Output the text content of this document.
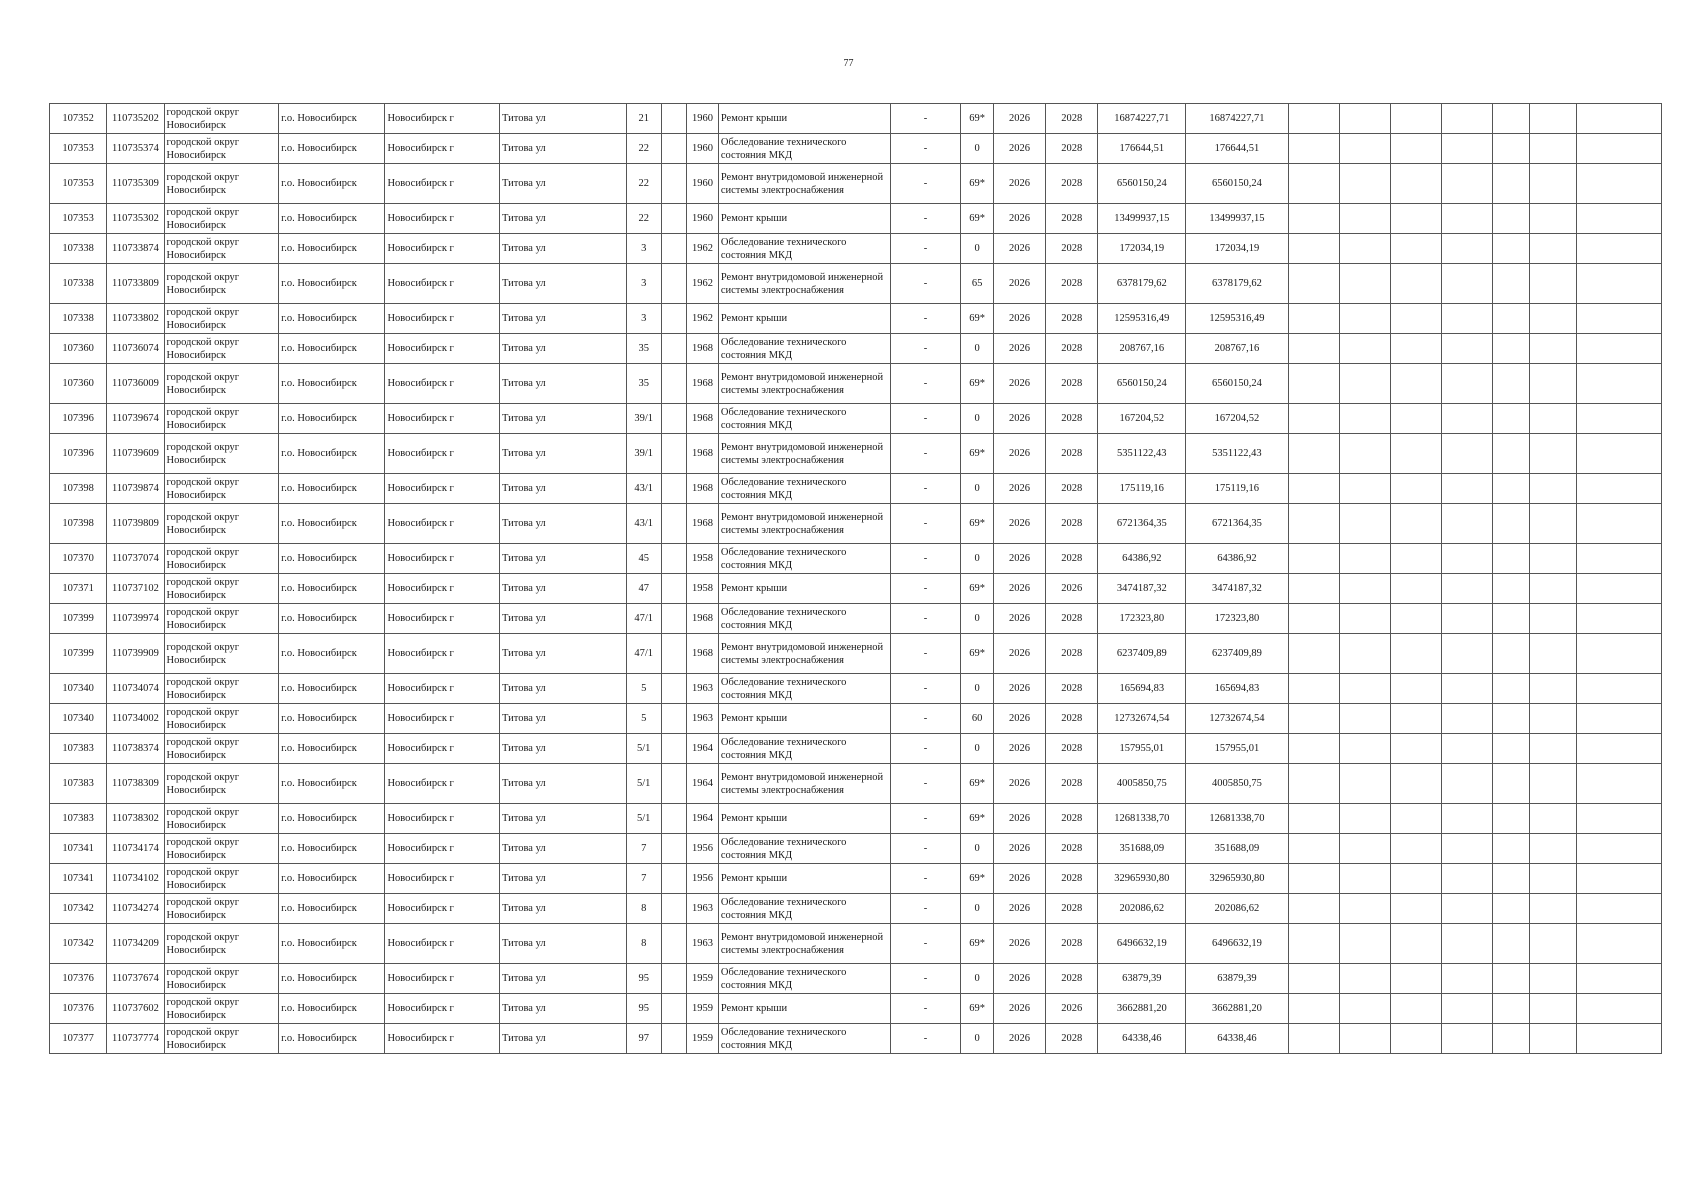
77
107352	110735202	городской округ Новосибирск	г.о. Новосибирск	Новосибирск г	Титова ул	21		1960	Ремонт крыши	-	69*	2026	2028	16874227,71	16874227,71							
107353	110735374	городской округ Новосибирск	г.о. Новосибирск	Новосибирск г	Титова ул	22		1960	Обследование технического состояния МКД	-	0	2026	2028	176644,51	176644,51							
107353	110735309	городской округ Новосибирск	г.о. Новосибирск	Новосибирск г	Титова ул	22		1960	Ремонт внутридомовой инженерной системы электроснабжения	-	69*	2026	2028	6560150,24	6560150,24							
107353	110735302	городской округ Новосибирск	г.о. Новосибирск	Новосибирск г	Титова ул	22		1960	Ремонт крыши	-	69*	2026	2028	13499937,15	13499937,15							
107338	110733874	городской округ Новосибирск	г.о. Новосибирск	Новосибирск г	Титова ул	3		1962	Обследование технического состояния МКД	-	0	2026	2028	172034,19	172034,19							
107338	110733809	городской округ Новосибирск	г.о. Новосибирск	Новосибирск г	Титова ул	3		1962	Ремонт внутридомовой инженерной системы электроснабжения	-	65	2026	2028	6378179,62	6378179,62							
107338	110733802	городской округ Новосибирск	г.о. Новосибирск	Новосибирск г	Титова ул	3		1962	Ремонт крыши	-	69*	2026	2028	12595316,49	12595316,49							
107360	110736074	городской округ Новосибирск	г.о. Новосибирск	Новосибирск г	Титова ул	35		1968	Обследование технического состояния МКД	-	0	2026	2028	208767,16	208767,16							
107360	110736009	городской округ Новосибирск	г.о. Новосибирск	Новосибирск г	Титова ул	35		1968	Ремонт внутридомовой инженерной системы электроснабжения	-	69*	2026	2028	6560150,24	6560150,24							
107396	110739674	городской округ Новосибирск	г.о. Новосибирск	Новосибирск г	Титова ул	39/1		1968	Обследование технического состояния МКД	-	0	2026	2028	167204,52	167204,52							
107396	110739609	городской округ Новосибирск	г.о. Новосибирск	Новосибирск г	Титова ул	39/1		1968	Ремонт внутридомовой инженерной системы электроснабжения	-	69*	2026	2028	5351122,43	5351122,43							
107398	110739874	городской округ Новосибирск	г.о. Новосибирск	Новосибирск г	Титова ул	43/1		1968	Обследование технического состояния МКД	-	0	2026	2028	175119,16	175119,16							
107398	110739809	городской округ Новосибирск	г.о. Новосибирск	Новосибирск г	Титова ул	43/1		1968	Ремонт внутридомовой инженерной системы электроснабжения	-	69*	2026	2028	6721364,35	6721364,35							
107370	110737074	городской округ Новосибирск	г.о. Новосибирск	Новосибирск г	Титова ул	45		1958	Обследование технического состояния МКД	-	0	2026	2028	64386,92	64386,92							
107371	110737102	городской округ Новосибирск	г.о. Новосибирск	Новосибирск г	Титова ул	47		1958	Ремонт крыши	-	69*	2026	2026	3474187,32	3474187,32							
107399	110739974	городской округ Новосибирск	г.о. Новосибирск	Новосибирск г	Титова ул	47/1		1968	Обследование технического состояния МКД	-	0	2026	2028	172323,80	172323,80							
107399	110739909	городской округ Новосибирск	г.о. Новосибирск	Новосибирск г	Титова ул	47/1		1968	Ремонт внутридомовой инженерной системы электроснабжения	-	69*	2026	2028	6237409,89	6237409,89							
107340	110734074	городской округ Новосибирск	г.о. Новосибирск	Новосибирск г	Титова ул	5		1963	Обследование технического состояния МКД	-	0	2026	2028	165694,83	165694,83							
107340	110734002	городской округ Новосибирск	г.о. Новосибирск	Новосибирск г	Титова ул	5		1963	Ремонт крыши	-	60	2026	2028	12732674,54	12732674,54							
107383	110738374	городской округ Новосибирск	г.о. Новосибирск	Новосибирск г	Титова ул	5/1		1964	Обследование технического состояния МКД	-	0	2026	2028	157955,01	157955,01							
107383	110738309	городской округ Новосибирск	г.о. Новосибирск	Новосибирск г	Титова ул	5/1		1964	Ремонт внутридомовой инженерной системы электроснабжения	-	69*	2026	2028	4005850,75	4005850,75							
107383	110738302	городской округ Новосибирск	г.о. Новосибирск	Новосибирск г	Титова ул	5/1		1964	Ремонт крыши	-	69*	2026	2028	12681338,70	12681338,70							
107341	110734174	городской округ Новосибирск	г.о. Новосибирск	Новосибирск г	Титова ул	7		1956	Обследование технического состояния МКД	-	0	2026	2028	351688,09	351688,09							
107341	110734102	городской округ Новосибирск	г.о. Новосибирск	Новосибирск г	Титова ул	7		1956	Ремонт крыши	-	69*	2026	2028	32965930,80	32965930,80							
107342	110734274	городской округ Новосибирск	г.о. Новосибирск	Новосибирск г	Титова ул	8		1963	Обследование технического состояния МКД	-	0	2026	2028	202086,62	202086,62							
107342	110734209	городской округ Новосибирск	г.о. Новосибирск	Новосибирск г	Титова ул	8		1963	Ремонт внутридомовой инженерной системы электроснабжения	-	69*	2026	2028	6496632,19	6496632,19							
107376	110737674	городской округ Новосибирск	г.о. Новосибирск	Новосибирск г	Титова ул	95		1959	Обследование технического состояния МКД	-	0	2026	2028	63879,39	63879,39							
107376	110737602	городской округ Новосибирск	г.о. Новосибирск	Новосибирск г	Титова ул	95		1959	Ремонт крыши	-	69*	2026	2026	3662881,20	3662881,20							
107377	110737774	городской округ Новосибирск	г.о. Новосибирск	Новосибирск г	Титова ул	97		1959	Обследование технического состояния МКД	-	0	2026	2028	64338,46	64338,46							
